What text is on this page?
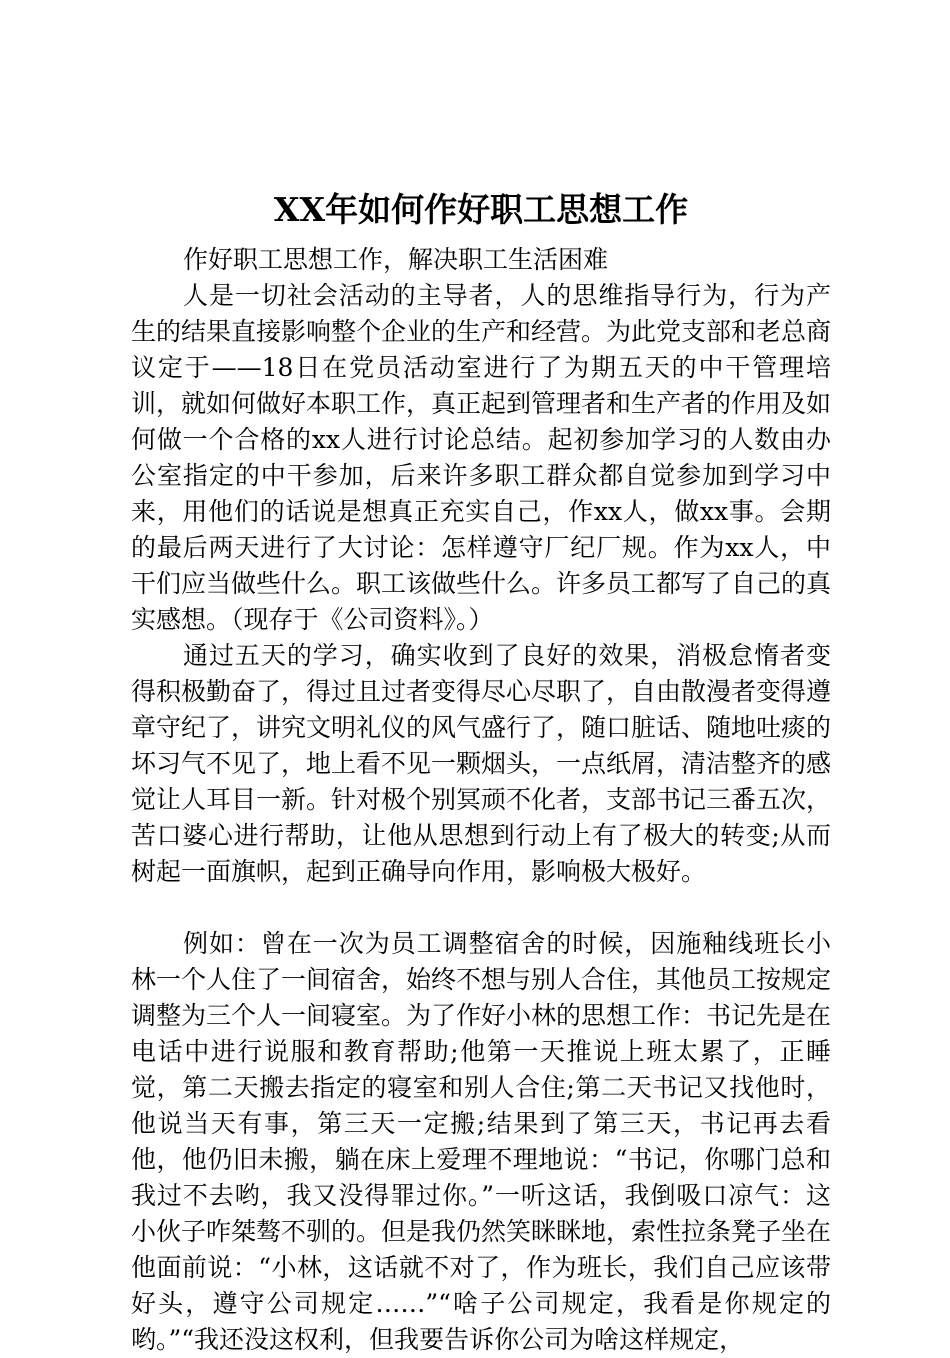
XX年如何作好职工思想工作

作好职工思想工作，解决职工生活困难

人是一切社会活动的主导者，人的思维指导行为，行为产生的结果直接影响整个企业的生产和经营。为此党支部和老总商议定于——18日在党员活动室进行了为期五天的中干管理培训，就如何做好本职工作，真正起到管理者和生产者的作用及如何做一个合格的xx人进行讨论总结。起初参加学习的人数由办公室指定的中干参加，后来许多职工群众都自觉参加到学习中来，用他们的话说是想真正充实自己，作xx人，做xx事。会期的最后两天进行了大讨论：怎样遵守厂纪厂规。作为xx人，中干们应当做些什么。职工该做些什么。许多员工都写了自己的真实感想。（现存于《公司资料》。）

通过五天的学习，确实收到了良好的效果，消极怠惰者变得积极勤奋了，得过且过者变得尽心尽职了，自由散漫者变得遵章守纪了，讲究文明礼仪的风气盛行了，随口脏话、随地吐痰的坏习气不见了，地上看不见一颗烟头，一点纸屑，清洁整齐的感觉让人耳目一新。针对极个别冥顽不化者，支部书记三番五次，苦口婆心进行帮助，让他从思想到行动上有了极大的转变;从而树起一面旗帜，起到正确导向作用，影响极大极好。

例如：曾在一次为员工调整宿舍的时候，因施釉线班长小林一个人住了一间宿舍，始终不想与别人合住，其他员工按规定调整为三个人一间寝室。为了作好小林的思想工作：书记先是在电话中进行说服和教育帮助;他第一天推说上班太累了，正睡觉，第二天搬去指定的寝室和别人合住;第二天书记又找他时，他说当天有事，第三天一定搬;结果到了第三天，书记再去看他，他仍旧未搬，躺在床上爱理不理地说：“书记，你哪门总和我过不去哟，我又没得罪过你。”一听这话，我倒吸口凉气：这小伙子咋桀骜不驯的。但是我仍然笑眯眯地，索性拉条凳子坐在他面前说：“小林，这话就不对了，作为班长，我们自己应该带好头，遵守公司规定……”“啥子公司规定，我看是你规定的哟。”“我还没这权利，但我要告诉你公司为啥这样规定，
